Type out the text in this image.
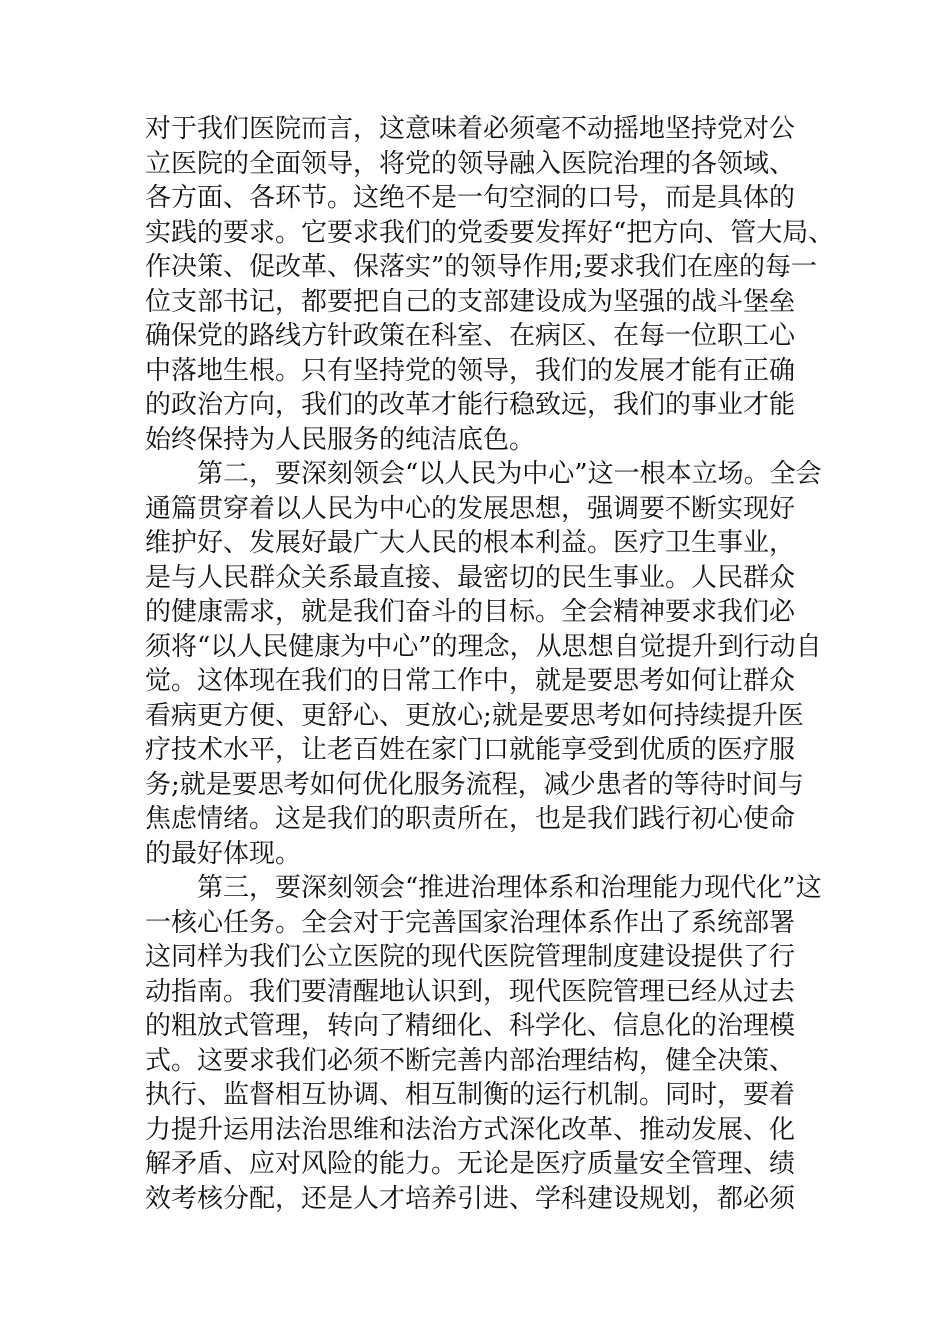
对于我们医院而言，这意味着必须毫不动摇地坚持党对公
立医院的全面领导，将党的领导融入医院治理的各领域、
各方面、各环节。这绝不是一句空洞的口号，而是具体的
实践的要求。它要求我们的党委要发挥好“把方向、管大局、
作决策、促改革、保落实”的领导作用;要求我们在座的每一
位支部书记，都要把自己的支部建设成为坚强的战斗堡垒
确保党的路线方针政策在科室、在病区、在每一位职工心
中落地生根。只有坚持党的领导，我们的发展才能有正确
的政治方向，我们的改革才能行稳致远，我们的事业才能
始终保持为人民服务的纯洁底色。
第二，要深刻领会“以人民为中心”这一根本立场。全会
通篇贯穿着以人民为中心的发展思想，强调要不断实现好
维护好、发展好最广大人民的根本利益。医疗卫生事业，
是与人民群众关系最直接、最密切的民生事业。人民群众
的健康需求，就是我们奋斗的目标。全会精神要求我们必
须将“以人民健康为中心”的理念，从思想自觉提升到行动自
觉。这体现在我们的日常工作中，就是要思考如何让群众
看病更方便、更舒心、更放心;就是要思考如何持续提升医
疗技术水平，让老百姓在家门口就能享受到优质的医疗服
务;就是要思考如何优化服务流程，减少患者的等待时间与
焦虑情绪。这是我们的职责所在，也是我们践行初心使命
的最好体现。
第三，要深刻领会“推进治理体系和治理能力现代化”这
一核心任务。全会对于完善国家治理体系作出了系统部署
这同样为我们公立医院的现代医院管理制度建设提供了行
动指南。我们要清醒地认识到，现代医院管理已经从过去
的粗放式管理，转向了精细化、科学化、信息化的治理模
式。这要求我们必须不断完善内部治理结构，健全决策、
执行、监督相互协调、相互制衡的运行机制。同时，要着
力提升运用法治思维和法治方式深化改革、推动发展、化
解矛盾、应对风险的能力。无论是医疗质量安全管理、绩
效考核分配，还是人才培养引进、学科建设规划，都必须
